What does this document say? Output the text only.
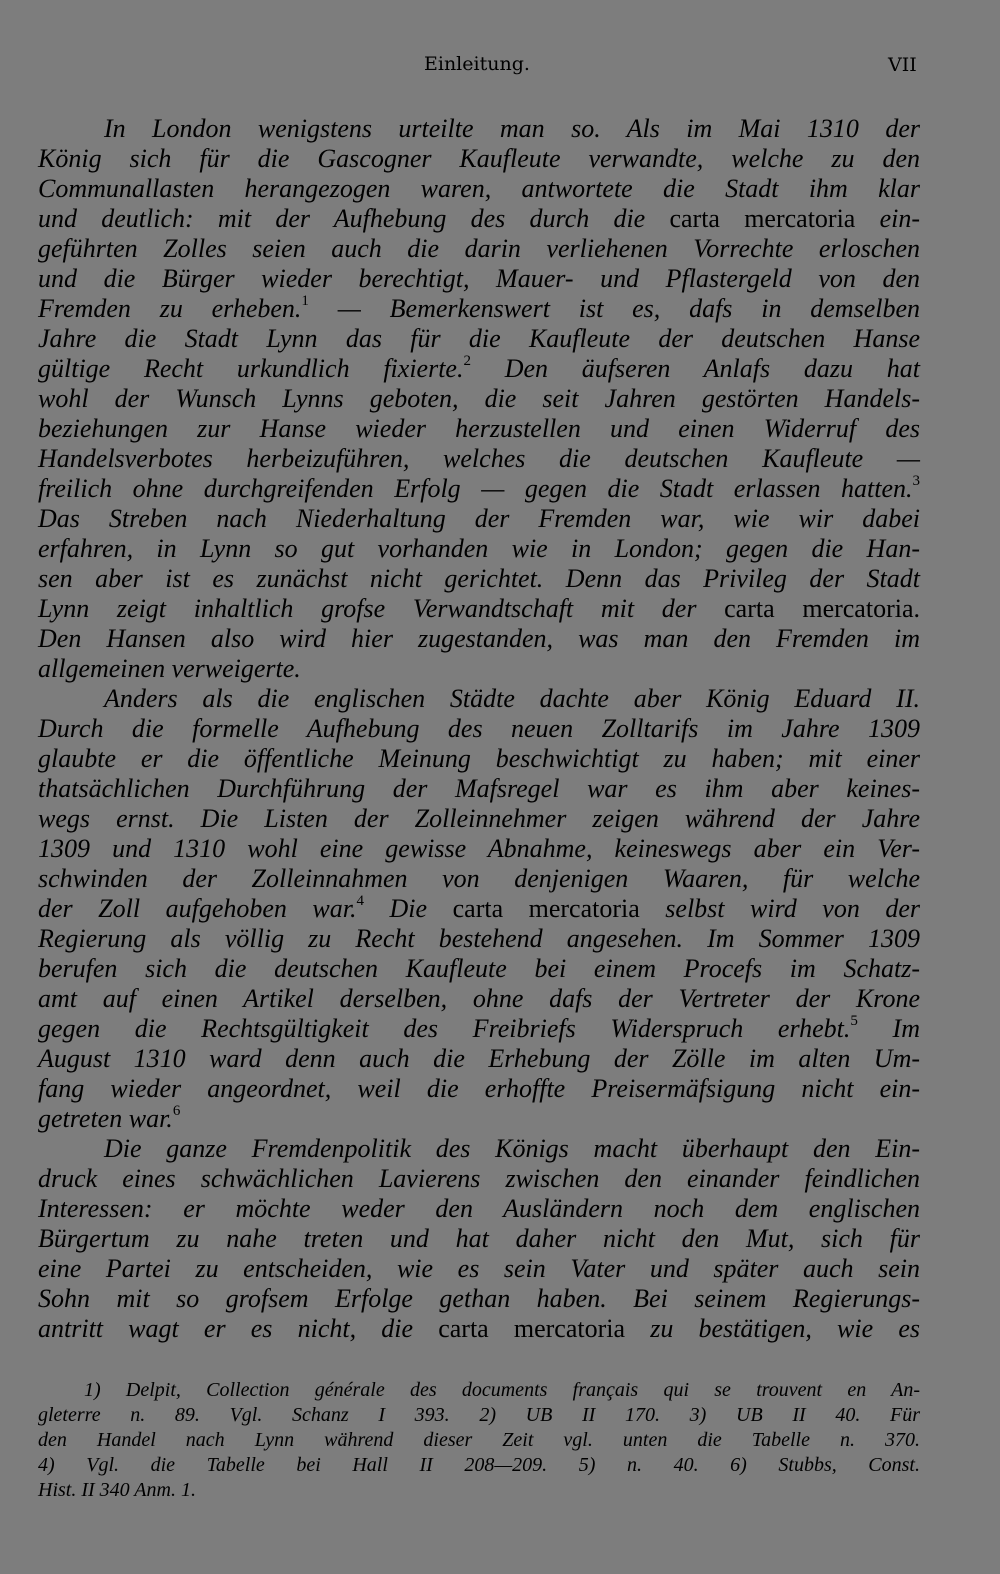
Einleitung.	VII
In London wenigstens urteilte man so. Als im Mai 1310 der
König sich für die Gascogner Kaufleute verwandte, welche zu den
Communallasten herangezogen waren, antwortete die Stadt ihm klar
und deutlich: mit der Aufhebung des durch die carta mercatoria ein-
geführten Zolles seien auch die darin verliehenen Vorrechte erloschen
und die Bürger wieder berechtigt, Mauer- und Pflastergeld von den
Fremden zu erheben.$^1$ — Bemerkenswert ist es, dafs in demselben
Jahre die Stadt Lynn das für die Kaufleute der deutschen Hanse
gültige Recht urkundlich fixierte.$^2$ Den äufseren Anlafs dazu hat
wohl der Wunsch Lynns geboten, die seit Jahren gestörten Handels-
beziehungen zur Hanse wieder herzustellen und einen Widerruf des
Handelsverbotes herbeizuführen, welches die deutschen Kaufleute —
freilich ohne durchgreifenden Erfolg — gegen die Stadt erlassen hatten.$^3$
Das Streben nach Niederhaltung der Fremden war, wie wir dabei
erfahren, in Lynn so gut vorhanden wie in London; gegen die Han-
sen aber ist es zunächst nicht gerichtet. Denn das Privileg der Stadt
Lynn zeigt inhaltlich grofse Verwandtschaft mit der carta mercatoria.
Den Hansen also wird hier zugestanden, was man den Fremden im
allgemeinen verweigerte.
Anders als die englischen Städte dachte aber König Eduard II.
Durch die formelle Aufhebung des neuen Zolltarifs im Jahre 1309
glaubte er die öffentliche Meinung beschwichtigt zu haben; mit einer
thatsächlichen Durchführung der Mafsregel war es ihm aber keines-
wegs ernst. Die Listen der Zolleinnehmer zeigen während der Jahre
1309 und 1310 wohl eine gewisse Abnahme, keineswegs aber ein Ver-
schwinden der Zolleinnahmen von denjenigen Waaren, für welche
der Zoll aufgehoben war.$^4$ Die carta mercatoria selbst wird von der
Regierung als völlig zu Recht bestehend angesehen. Im Sommer 1309
berufen sich die deutschen Kaufleute bei einem Procefs im Schatz-
amt auf einen Artikel derselben, ohne dafs der Vertreter der Krone
gegen die Rechtsgültigkeit des Freibriefs Widerspruch erhebt.$^5$ Im
August 1310 ward denn auch die Erhebung der Zölle im alten Um-
fang wieder angeordnet, weil die erhoffte Preisermäfsigung nicht ein-
getreten war.$^6$
Die ganze Fremdenpolitik des Königs macht überhaupt den Ein-
druck eines schwächlichen Lavierens zwischen den einander feindlichen
Interessen: er möchte weder den Ausländern noch dem englischen
Bürgertum zu nahe treten und hat daher nicht den Mut, sich für
eine Partei zu entscheiden, wie es sein Vater und später auch sein
Sohn mit so grofsem Erfolge gethan haben. Bei seinem Regierungs-
antritt wagt er es nicht, die carta mercatoria zu bestätigen, wie es
1) Delpit, Collection générale des documents français qui se trouvent en An-
gleterre n. 89. Vgl. Schanz I 393. 2) UB II 170. 3) UB II 40. Für
den Handel nach Lynn während dieser Zeit vgl. unten die Tabelle n. 370.
4) Vgl. die Tabelle bei Hall II 208—209. 5) n. 40. 6) Stubbs, Const.
Hist. II 340 Anm. 1.
